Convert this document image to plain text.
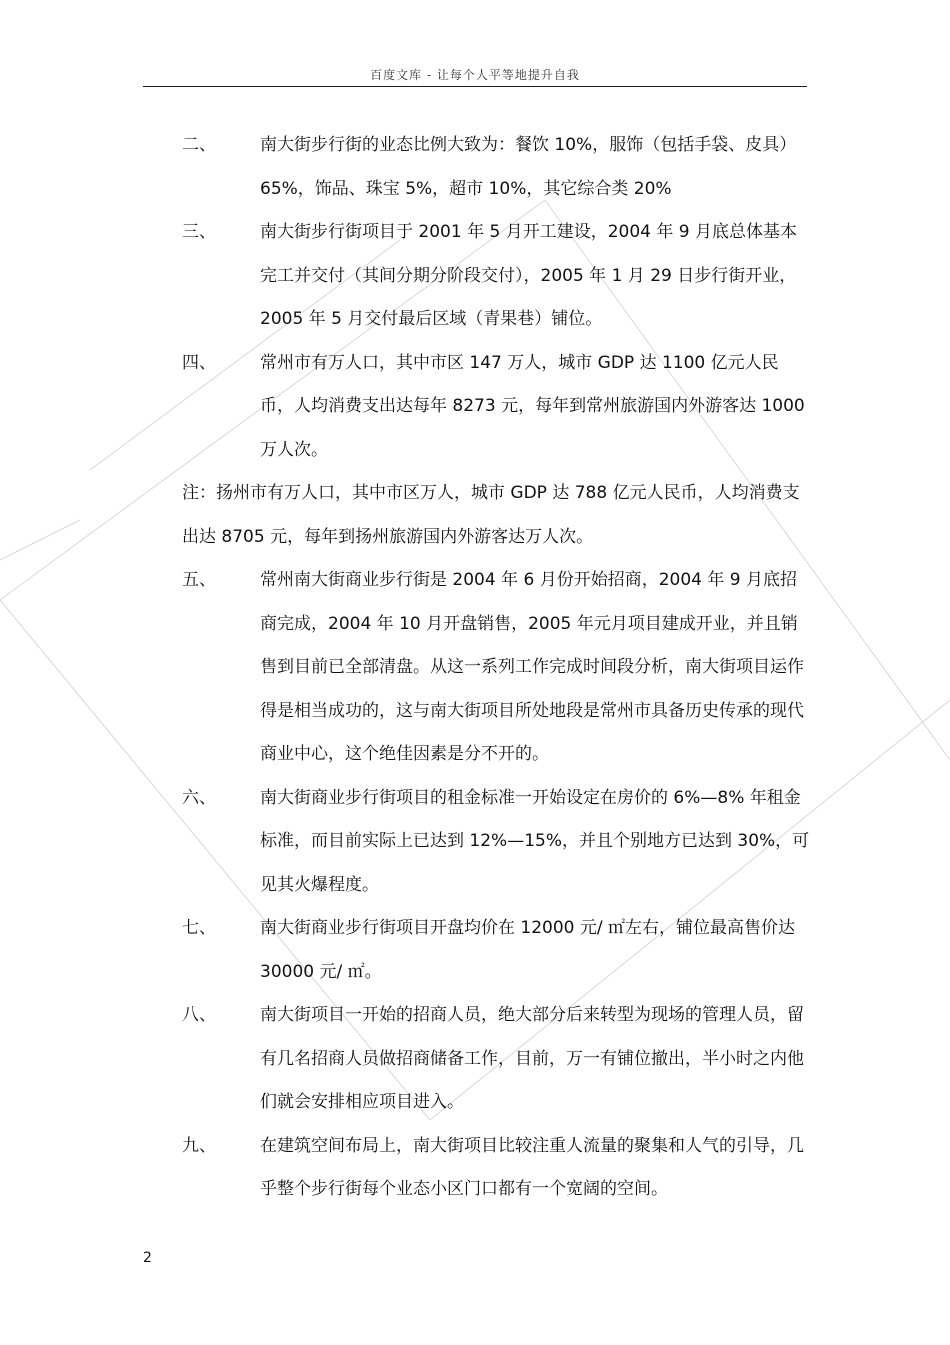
百度文库 - 让每个人平等地提升自我
二、	南大街步行街的业态比例大致为：餐饮 10%，服饰（包括手袋、皮具）65%，饰品、珠宝 5%，超市 10%，其它综合类 20%
三、	南大街步行街项目于 2001 年 5 月开工建设，2004 年 9 月底总体基本完工并交付（其间分期分阶段交付），2005 年 1 月 29 日步行街开业，2005 年 5 月交付最后区域（青果巷）铺位。
四、	常州市有万人口，其中市区 147 万人，城市 GDP 达 1100 亿元人民币，人均消费支出达每年 8273 元，每年到常州旅游国内外游客达 1000 万人次。
注：扬州市有万人口，其中市区万人，城市 GDP 达 788 亿元人民币，人均消费支出达 8705 元，每年到扬州旅游国内外游客达万人次。
五、	常州南大街商业步行街是 2004 年 6 月份开始招商，2004 年 9 月底招商完成，2004 年 10 月开盘销售，2005 年元月项目建成开业，并且销售到目前已全部清盘。从这一系列工作完成时间段分析，南大街项目运作得是相当成功的，这与南大街项目所处地段是常州市具备历史传承的现代商业中心，这个绝佳因素是分不开的。
六、	南大街商业步行街项目的租金标准一开始设定在房价的 6%—8% 年租金标准，而目前实际上已达到 12%—15%，并且个别地方已达到 30%，可见其火爆程度。
七、	南大街商业步行街项目开盘均价在 12000 元/ ㎡左右，铺位最高售价达 30000 元/ ㎡。
八、	南大街项目一开始的招商人员，绝大部分后来转型为现场的管理人员，留有几名招商人员做招商储备工作，目前，万一有铺位撤出，半小时之内他们就会安排相应项目进入。
九、	在建筑空间布局上，南大街项目比较注重人流量的聚集和人气的引导，几乎整个步行街每个业态小区门口都有一个宽阔的空间。
2
